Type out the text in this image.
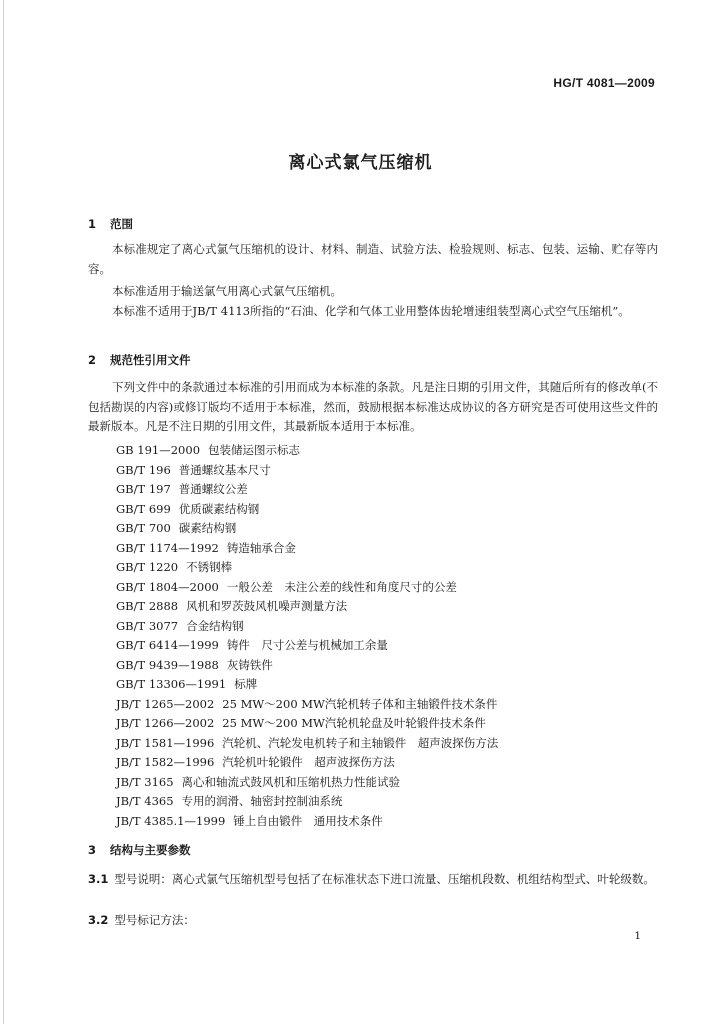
HG/T 4081—2009
离心式氯气压缩机
1 范围
本标准规定了离心式氯气压缩机的设计、材料、制造、试验方法、检验规则、标志、包装、运输、贮存等内容。
本标准适用于输送氯气用离心式氯气压缩机。
本标准不适用于JB/T 4113所指的“石油、化学和气体工业用整体齿轮增速组装型离心式空气压缩机”。
2 规范性引用文件
下列文件中的条款通过本标准的引用而成为本标准的条款。凡是注日期的引用文件，其随后所有的修改单(不包括勘误的内容)或修订版均不适用于本标准，然而，鼓励根据本标准达成协议的各方研究是否可使用这些文件的最新版本。凡是不注日期的引用文件，其最新版本适用于本标准。
GB 191—2000 包装储运图示标志
GB/T 196 普通螺纹基本尺寸
GB/T 197 普通螺纹公差
GB/T 699 优质碳素结构钢
GB/T 700 碳素结构钢
GB/T 1174—1992 铸造轴承合金
GB/T 1220 不锈钢棒
GB/T 1804—2000 一般公差　未注公差的线性和角度尺寸的公差
GB/T 2888 风机和罗茨鼓风机噪声测量方法
GB/T 3077 合金结构钢
GB/T 6414—1999 铸件　尺寸公差与机械加工余量
GB/T 9439—1988 灰铸铁件
GB/T 13306—1991 标牌
JB/T 1265—2002 25 MW～200 MW汽轮机转子体和主轴锻件技术条件
JB/T 1266—2002 25 MW～200 MW汽轮机轮盘及叶轮锻件技术条件
JB/T 1581—1996 汽轮机、汽轮发电机转子和主轴锻件　超声波探伤方法
JB/T 1582—1996 汽轮机叶轮锻件　超声波探伤方法
JB/T 3165 离心和轴流式鼓风机和压缩机热力性能试验
JB/T 4365 专用的润滑、轴密封控制油系统
JB/T 4385.1—1999 锤上自由锻件　通用技术条件
3 结构与主要参数
3.1 型号说明：离心式氯气压缩机型号包括了在标准状态下进口流量、压缩机段数、机组结构型式、叶轮级数。
3.2 型号标记方法：
1
